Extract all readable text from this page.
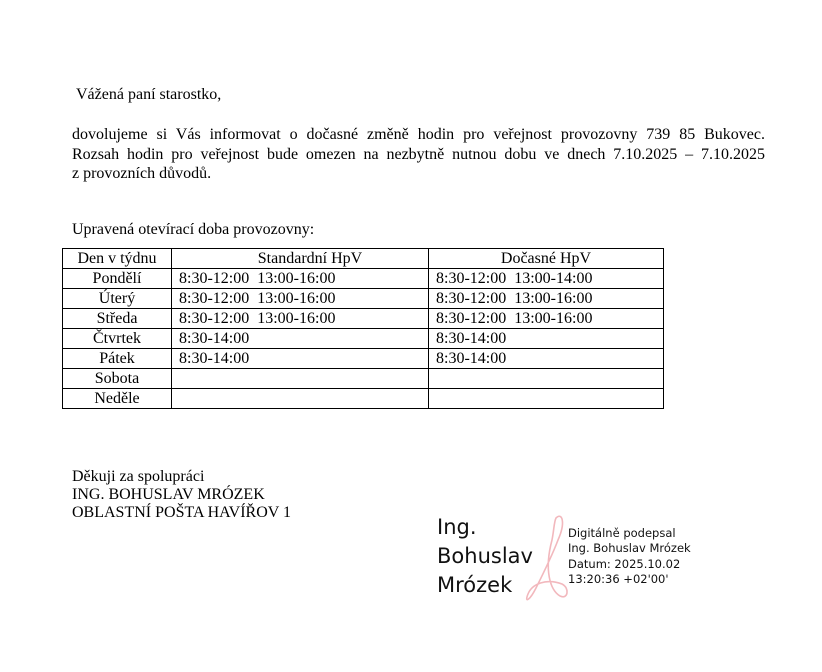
Vážená paní starostko,
dovolujeme si Vás informovat o dočasné změně hodin pro veřejnost provozovny 739 85 Bukovec.
Rozsah hodin pro veřejnost bude omezen na nezbytně nutnou dobu ve dnech 7.10.2025 – 7.10.2025
z provozních důvodů.
Upravená otevírací doba provozovny:
Den v týdnu	Standardní HpV	Dočasné HpV
Pondělí	8:30-12:00  13:00-16:00	8:30-12:00  13:00-14:00
Úterý	8:30-12:00  13:00-16:00	8:30-12:00  13:00-16:00
Středa	8:30-12:00  13:00-16:00	8:30-12:00  13:00-16:00
Čtvrtek	8:30-14:00	8:30-14:00
Pátek	8:30-14:00	8:30-14:00
Sobota		
Neděle		
Děkuji za spolupráci
ING. BOHUSLAV MRÓZEK
OBLASTNÍ POŠTA HAVÍŘOV 1
Ing.
Bohuslav
Mrózek
Digitálně podepsal
Ing. Bohuslav Mrózek
Datum: 2025.10.02
13:20:36 +02'00'
